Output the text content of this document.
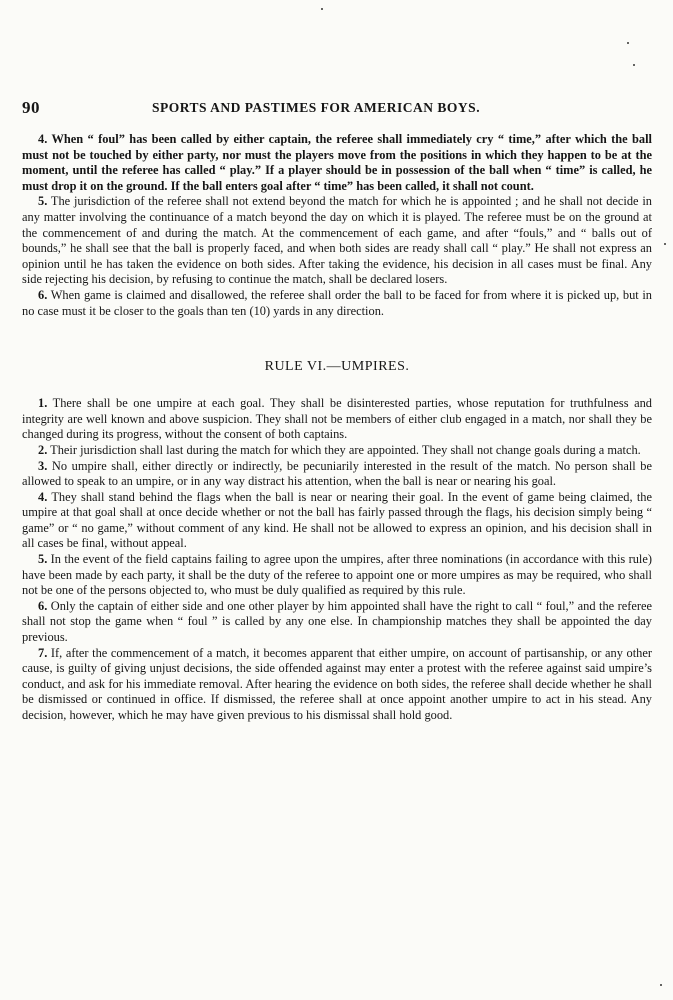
90	SPORTS AND PASTIMES FOR AMERICAN BOYS.

4. When “ foul” has been called by either captain, the referee shall immediately cry “ time,” after which the ball must not be touched by either party, nor must the players move from the positions in which they happen to be at the moment, until the referee has called “ play.” If a player should be in possession of the ball when “ time” is called, he must drop it on the ground. If the ball enters goal after “ time” has been called, it shall not count.

5. The jurisdiction of the referee shall not extend beyond the match for which he is appointed ; and he shall not decide in any matter involving the continuance of a match beyond the day on which it is played. The referee must be on the ground at the commencement of and during the match. At the commencement of each game, and after “fouls,” and “ balls out of bounds,” he shall see that the ball is properly faced, and when both sides are ready shall call “ play.” He shall not express an opinion until he has taken the evidence on both sides. After taking the evidence, his decision in all cases must be final. Any side rejecting his decision, by refusing to continue the match, shall be declared losers.

6. When game is claimed and disallowed, the referee shall order the ball to be faced for from where it is picked up, but in no case must it be closer to the goals than ten (10) yards in any direction.

RULE VI.—UMPIRES.

1. There shall be one umpire at each goal. They shall be disinterested parties, whose reputation for truthfulness and integrity are well known and above suspicion. They shall not be members of either club engaged in a match, nor shall they be changed during its progress, without the consent of both captains.

2. Their jurisdiction shall last during the match for which they are appointed. They shall not change goals during a match.

3. No umpire shall, either directly or indirectly, be pecuniarily interested in the result of the match. No person shall be allowed to speak to an umpire, or in any way distract his attention, when the ball is near or nearing his goal.

4. They shall stand behind the flags when the ball is near or nearing their goal. In the event of game being claimed, the umpire at that goal shall at once decide whether or not the ball has fairly passed through the flags, his decision simply being “ game” or “ no game,” without comment of any kind. He shall not be allowed to express an opinion, and his decision shall in all cases be final, without appeal.

5. In the event of the field captains failing to agree upon the umpires, after three nominations (in accordance with this rule) have been made by each party, it shall be the duty of the referee to appoint one or more umpires as may be required, who shall not be one of the persons objected to, who must be duly qualified as required by this rule.

6. Only the captain of either side and one other player by him appointed shall have the right to call “ foul,” and the referee shall not stop the game when “ foul ” is called by any one else. In championship matches they shall be appointed the day previous.

7. If, after the commencement of a match, it becomes apparent that either umpire, on account of partisanship, or any other cause, is guilty of giving unjust decisions, the side offended against may enter a protest with the referee against said umpire’s conduct, and ask for his immediate removal. After hearing the evidence on both sides, the referee shall decide whether he shall be dismissed or continued in office. If dismissed, the referee shall at once appoint another umpire to act in his stead. Any decision, however, which he may have given previous to his dismissal shall hold good.
